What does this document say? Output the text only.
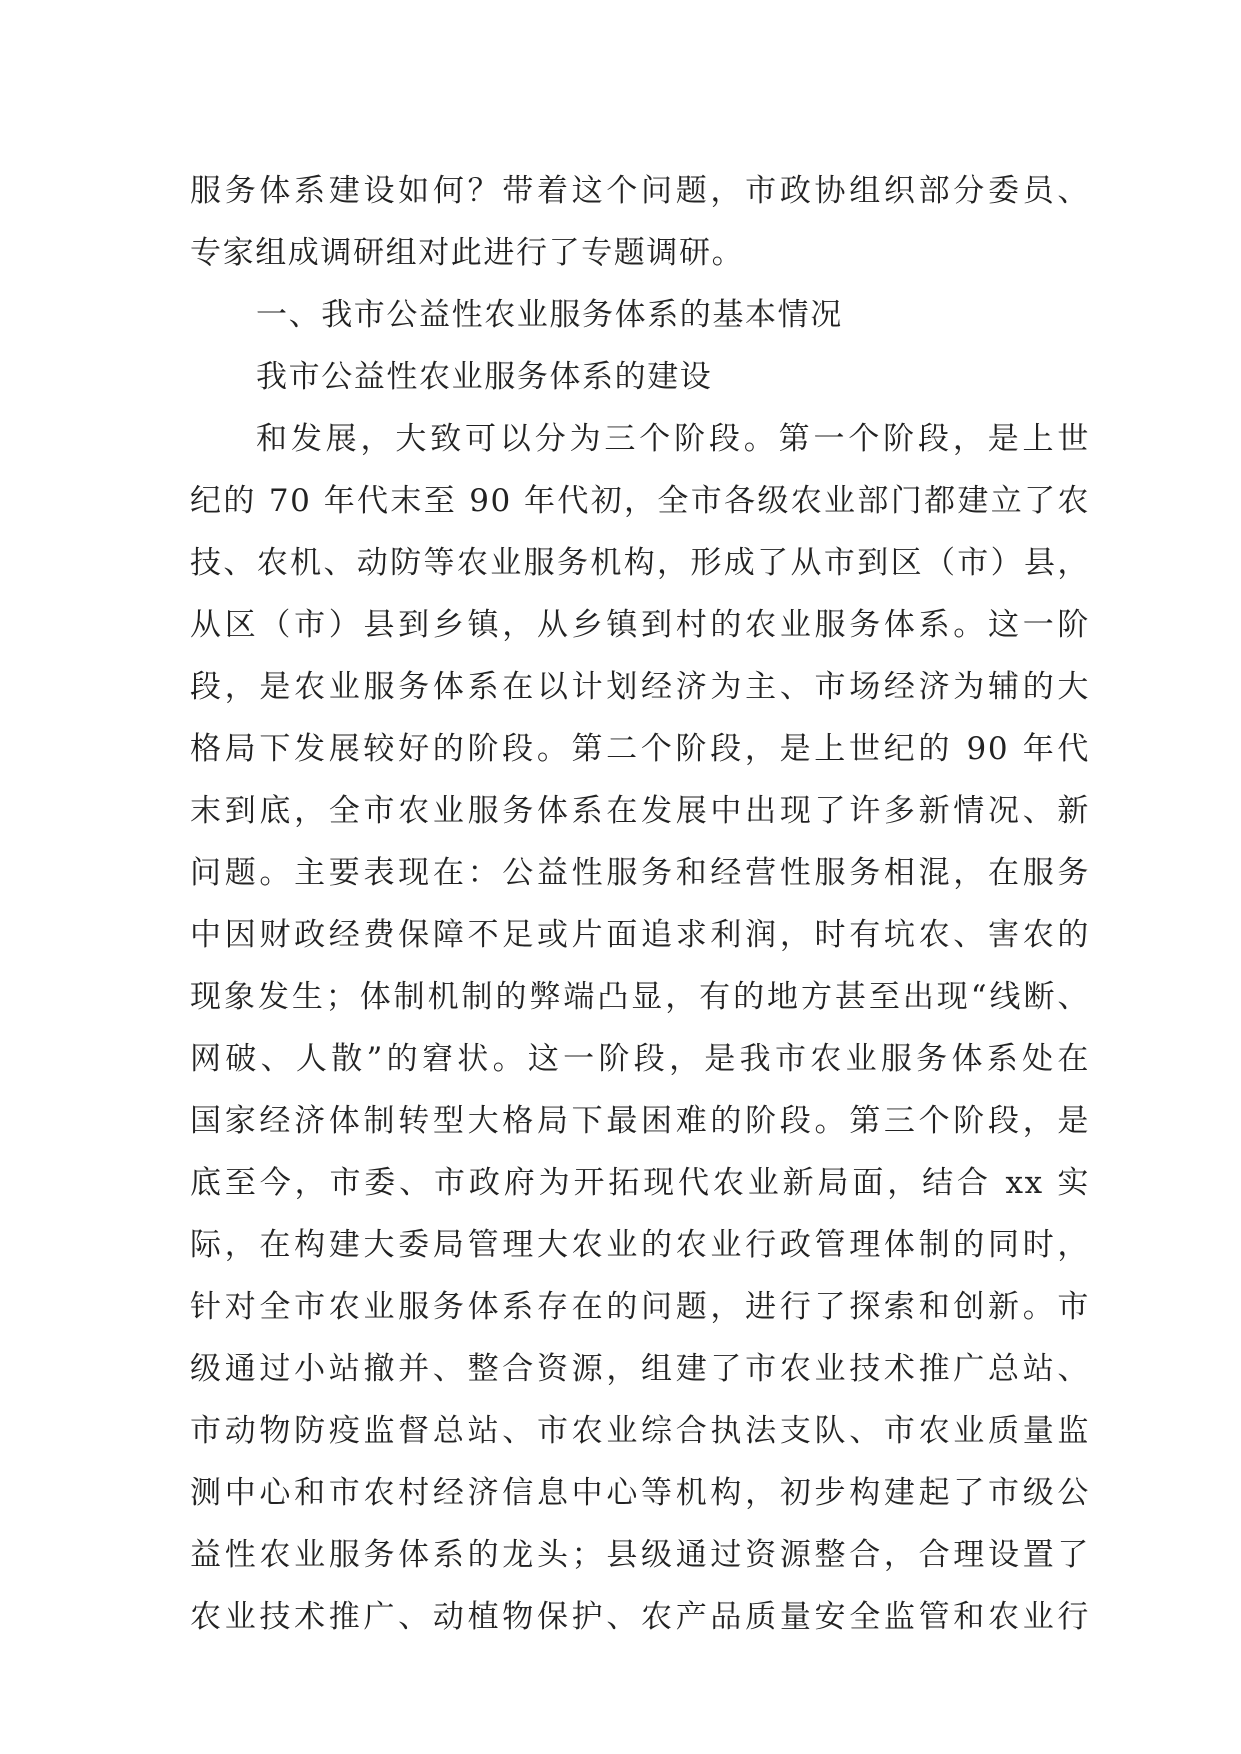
服务体系建设如何？带着这个问题，市政协组织部分委员、
专家组成调研组对此进行了专题调研。
一、我市公益性农业服务体系的基本情况
我市公益性农业服务体系的建设
和发展，大致可以分为三个阶段。第一个阶段，是上世
纪的 70 年代末至 90 年代初，全市各级农业部门都建立了农
技、农机、动防等农业服务机构，形成了从市到区（市）县，
从区（市）县到乡镇，从乡镇到村的农业服务体系。这一阶
段，是农业服务体系在以计划经济为主、市场经济为辅的大
格局下发展较好的阶段。第二个阶段，是上世纪的 90 年代
末到底，全市农业服务体系在发展中出现了许多新情况、新
问题。主要表现在：公益性服务和经营性服务相混，在服务
中因财政经费保障不足或片面追求利润，时有坑农、害农的
现象发生；体制机制的弊端凸显，有的地方甚至出现“线断、
网破、人散”的窘状。这一阶段，是我市农业服务体系处在
国家经济体制转型大格局下最困难的阶段。第三个阶段，是
底至今，市委、市政府为开拓现代农业新局面，结合 xx 实
际，在构建大委局管理大农业的农业行政管理体制的同时，
针对全市农业服务体系存在的问题，进行了探索和创新。市
级通过小站撤并、整合资源，组建了市农业技术推广总站、
市动物防疫监督总站、市农业综合执法支队、市农业质量监
测中心和市农村经济信息中心等机构，初步构建起了市级公
益性农业服务体系的龙头；县级通过资源整合，合理设置了
农业技术推广、动植物保护、农产品质量安全监管和农业行
